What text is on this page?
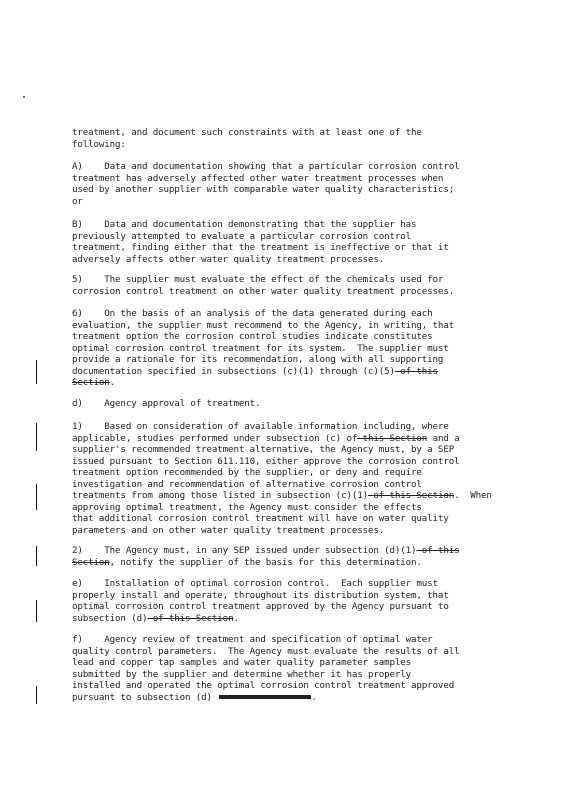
treatment, and document such constraints with at least one of the
following:
A)    Data and documentation showing that a particular corrosion control
treatment has adversely affected other water treatment processes when
used by another supplier with comparable water quality characteristics;
or
B)    Data and documentation demonstrating that the supplier has
previously attempted to evaluate a particular corrosion control
treatment, finding either that the treatment is ineffective or that it
adversely affects other water quality treatment processes.
5)    The supplier must evaluate the effect of the chemicals used for
corrosion control treatment on other water quality treatment processes.
6)    On the basis of an analysis of the data generated during each
evaluation, the supplier must recommend to the Agency, in writing, that
treatment option the corrosion control studies indicate constitutes
optimal corrosion control treatment for its system.  The supplier must
provide a rationale for its recommendation, along with all supporting
documentation specified in subsections (c)(1) through (c)(5) of this
Section.
d)    Agency approval of treatment.
1)    Based on consideration of available information including, where
applicable, studies performed under subsection (c) of this Section and a
supplier's recommended treatment alternative, the Agency must, by a SEP
issued pursuant to Section 611.110, either approve the corrosion control
treatment option recommended by the supplier, or deny and require
investigation and recommendation of alternative corrosion control
treatments from among those listed in subsection (c)(1) of this Section.  When approving optimal treatment, the Agency must consider the effects
that additional corrosion control treatment will have on water quality
parameters and on other water quality treatment processes.
2)    The Agency must, in any SEP issued under subsection (d)(1) of this
Section, notify the supplier of the basis for this determination.
e)    Installation of optimal corrosion control.  Each supplier must
properly install and operate, throughout its distribution system, that
optimal corrosion control treatment approved by the Agency pursuant to
subsection (d) of this Section.
f)    Agency review of treatment and specification of optimal water
quality control parameters.  The Agency must evaluate the results of all
lead and copper tap samples and water quality parameter samples
submitted by the supplier and determine whether it has properly
installed and operated the optimal corrosion control treatment approved
pursuant to subsection (d)	.
